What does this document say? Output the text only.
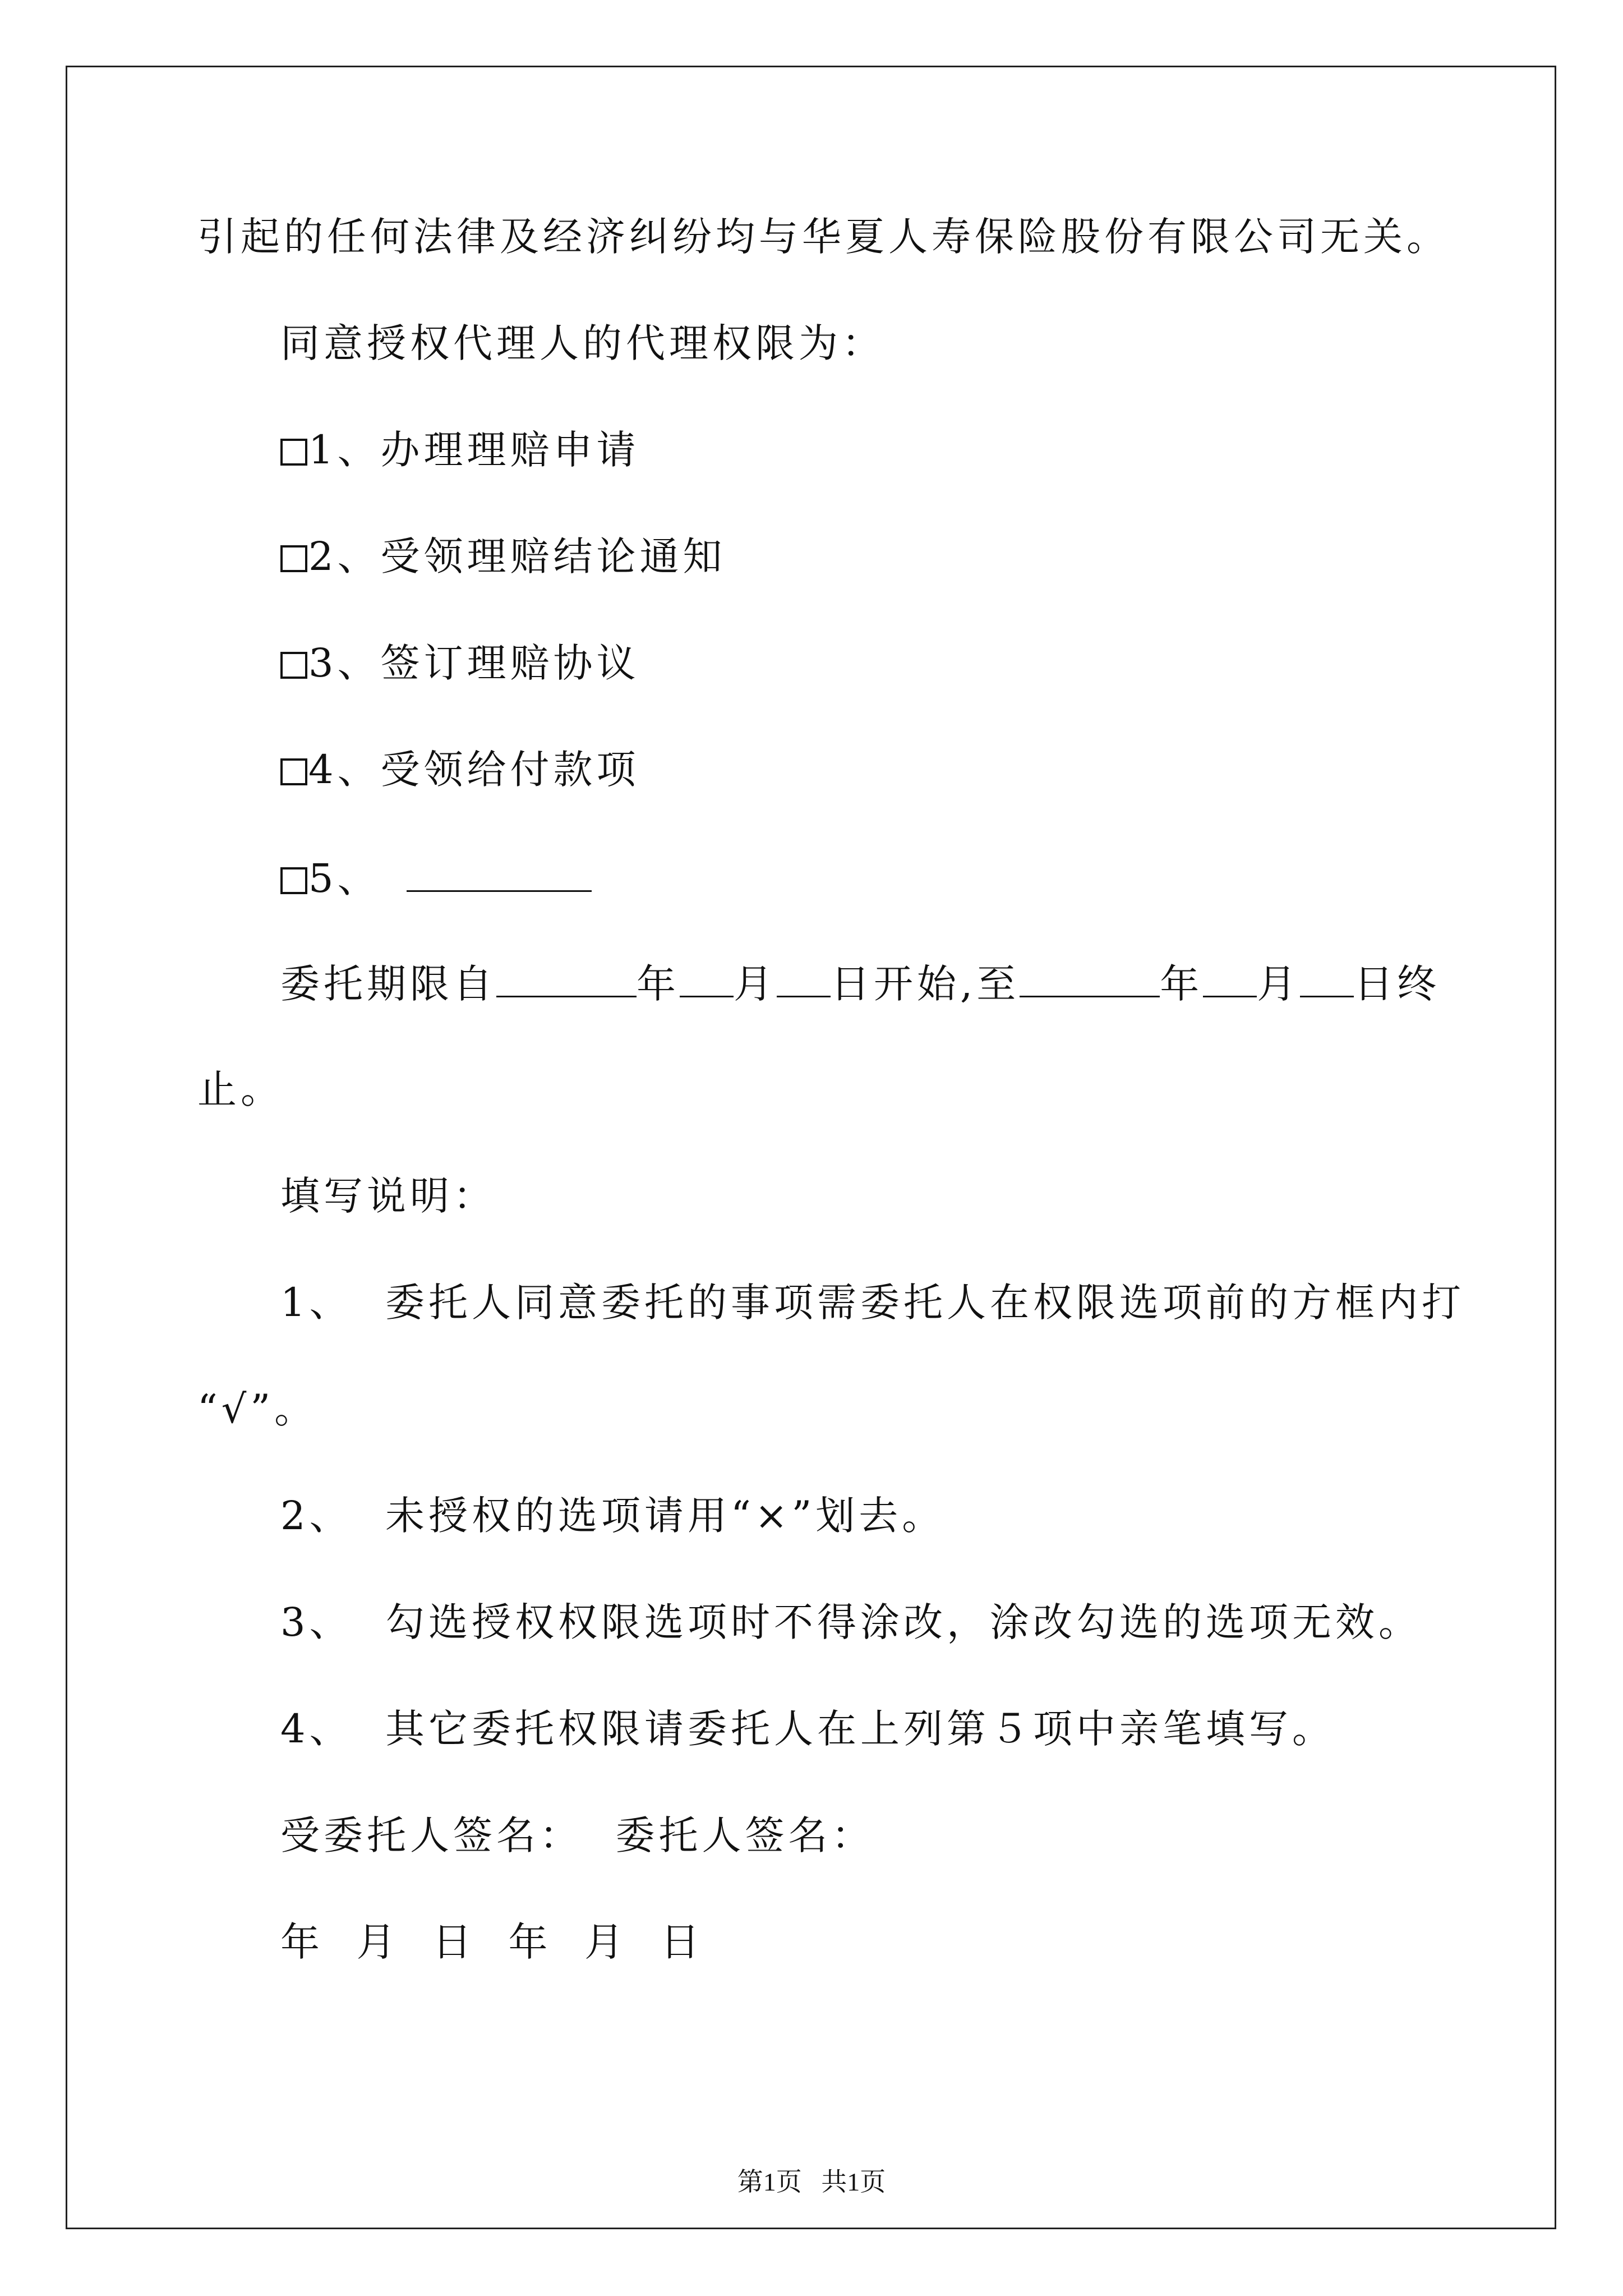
引起的任何法律及经济纠纷均与华夏人寿保险股份有限公司无关。
同意授权代理人的代理权限为：
1、办理理赔申请
2、受领理赔结论通知
3、签订理赔协议
4、受领给付款项
5、
委托期限自	年 月 日开始,至	年 月 日终
止。
填写说明：
1、  委托人同意委托的事项需委托人在权限选项前的方框内打
“√”。
2、  未授权的选项请用“×”划去。
3、  勾选授权权限选项时不得涂改，涂改勾选的选项无效。
4、  其它委托权限请委托人在上列第５项中亲笔填写。
受委托人签名：  委托人签名：
年  月  日  年  月  日
第1页   共1页
